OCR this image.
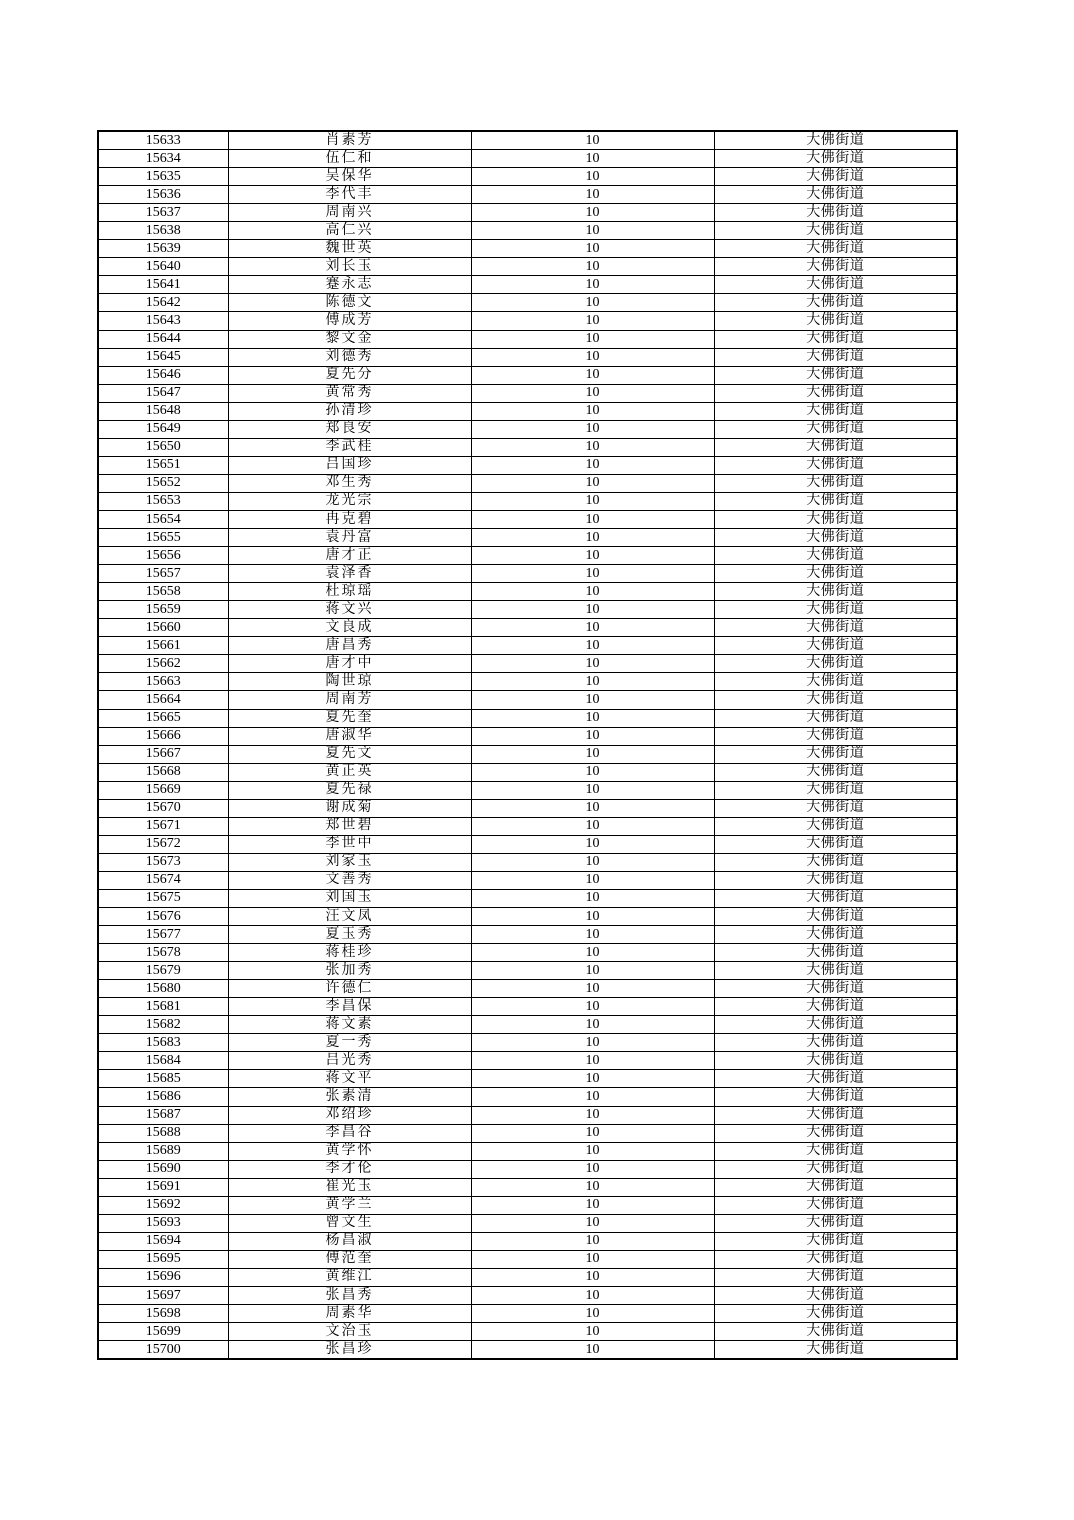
15633	肖素芳	10	大佛街道
15634	伍仁和	10	大佛街道
15635	吴保华	10	大佛街道
15636	李代丰	10	大佛街道
15637	周南兴	10	大佛街道
15638	高仁兴	10	大佛街道
15639	魏世英	10	大佛街道
15640	刘长玉	10	大佛街道
15641	蹇永志	10	大佛街道
15642	陈德文	10	大佛街道
15643	傅成芳	10	大佛街道
15644	黎文金	10	大佛街道
15645	刘德秀	10	大佛街道
15646	夏先分	10	大佛街道
15647	黄常秀	10	大佛街道
15648	孙清珍	10	大佛街道
15649	郑良安	10	大佛街道
15650	李武桂	10	大佛街道
15651	吕国珍	10	大佛街道
15652	邓生秀	10	大佛街道
15653	龙光宗	10	大佛街道
15654	冉克碧	10	大佛街道
15655	袁丹富	10	大佛街道
15656	唐才正	10	大佛街道
15657	袁泽香	10	大佛街道
15658	杜琼瑶	10	大佛街道
15659	蒋文兴	10	大佛街道
15660	文良成	10	大佛街道
15661	唐昌秀	10	大佛街道
15662	唐才中	10	大佛街道
15663	陶世琼	10	大佛街道
15664	周南芳	10	大佛街道
15665	夏先奎	10	大佛街道
15666	唐淑华	10	大佛街道
15667	夏先文	10	大佛街道
15668	黄正英	10	大佛街道
15669	夏先禄	10	大佛街道
15670	谢成菊	10	大佛街道
15671	郑世碧	10	大佛街道
15672	李世中	10	大佛街道
15673	刘家玉	10	大佛街道
15674	文善秀	10	大佛街道
15675	刘国玉	10	大佛街道
15676	汪文凤	10	大佛街道
15677	夏玉秀	10	大佛街道
15678	蒋桂珍	10	大佛街道
15679	张加秀	10	大佛街道
15680	许德仁	10	大佛街道
15681	李昌保	10	大佛街道
15682	蒋文素	10	大佛街道
15683	夏一秀	10	大佛街道
15684	吕光秀	10	大佛街道
15685	蒋文平	10	大佛街道
15686	张素清	10	大佛街道
15687	邓绍珍	10	大佛街道
15688	李昌谷	10	大佛街道
15689	黄学怀	10	大佛街道
15690	李才伦	10	大佛街道
15691	崔光玉	10	大佛街道
15692	黄学兰	10	大佛街道
15693	曾文生	10	大佛街道
15694	杨昌淑	10	大佛街道
15695	傅范奎	10	大佛街道
15696	黄维江	10	大佛街道
15697	张昌秀	10	大佛街道
15698	周素华	10	大佛街道
15699	文治玉	10	大佛街道
15700	张昌珍	10	大佛街道
